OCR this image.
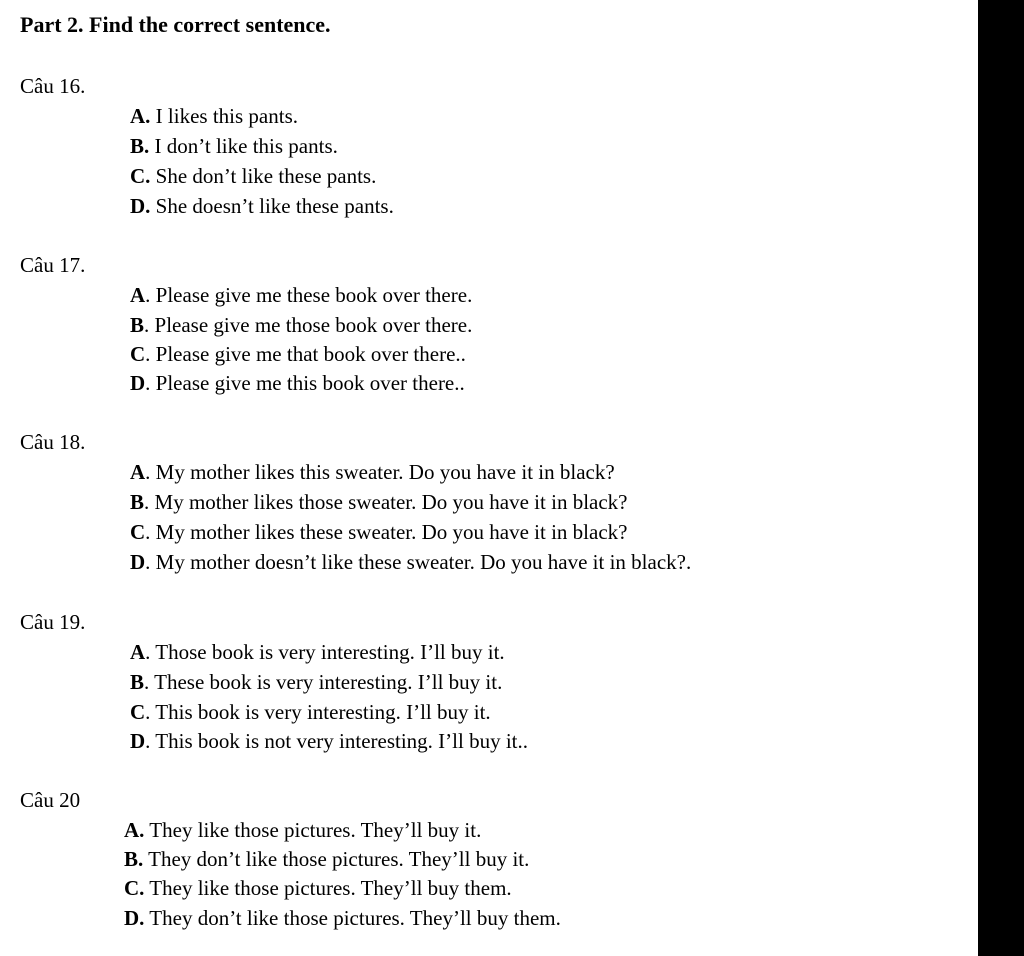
Part 2. Find the correct sentence.
Câu 16.
A. I likes this pants.
B. I don’t like this pants.
C. She don’t like these pants.
D. She doesn’t like these pants.
Câu 17.
A. Please give me these book over there.
B. Please give me those book over there.
C. Please give me that book over there..
D. Please give me this book over there..
Câu 18.
A. My mother likes this sweater. Do you have it in black?
B. My mother likes those sweater. Do you have it in black?
C. My mother likes these sweater. Do you have it in black?
D. My mother doesn’t like these sweater. Do you have it in black?.
Câu 19.
A. Those book is very interesting. I’ll buy it.
B. These book is very interesting. I’ll buy it.
C. This book is very interesting. I’ll buy it.
D. This book is not very interesting. I’ll buy it..
Câu 20
A. They like those pictures. They’ll buy it.
B. They don’t like those pictures. They’ll buy it.
C. They like those pictures. They’ll buy them.
D. They don’t like those pictures. They’ll buy them.
